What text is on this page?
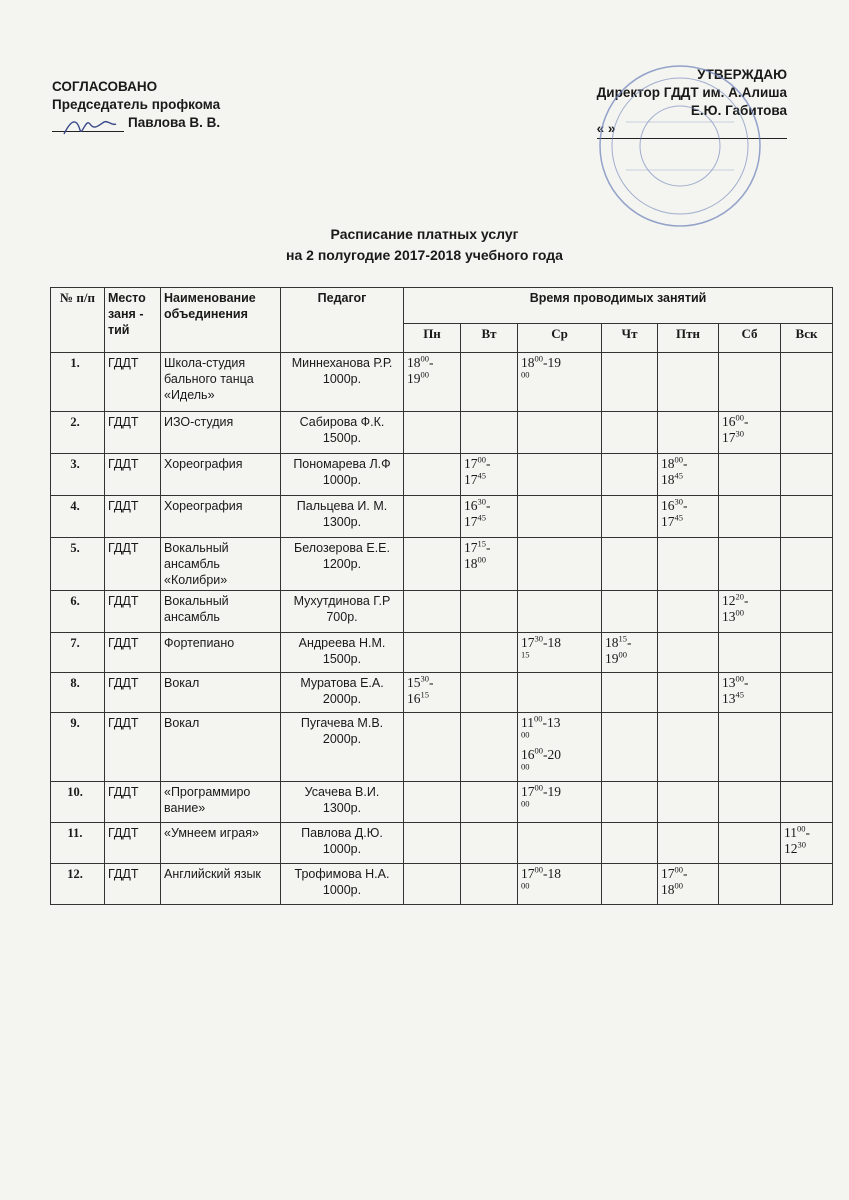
СОГЛАСОВАНО
Председатель профкома
Павлова В. В.
УТВЕРЖДАЮ
Директор ГДДТ им. А.Алиша
Е.Ю. Габитова
« »
Расписание платных услуг
на 2 полугодие 2017-2018 учебного года
№ п/п	Место заня - тий	Наименование объединения	Педагог	Время проводимых занятий						
				Пн	Вт	Ср	Чт	Птн	Сб	Вск
1.	ГДДТ	Школа-студия бального танца «Идель»	Миннеханова Р.Р. 1000р.	$18^{00}-$
$19^{00}$		$18^{00}-19$
$^{00}$

2.	ГДДТ	ИЗО-студия	Сабирова Ф.К. 1500р.						$16^{00}-$
$17^{30}$

3.	ГДДТ	Хореография	Пономарева Л.Ф 1000р.		$17^{00}-$
$17^{45}$			$18^{00}-$
$18^{45}$

4.	ГДДТ	Хореография	Пальцева И. М. 1300р.		$16^{30}-$
$17^{45}$			$16^{30}-$
$17^{45}$

5.	ГДДТ	Вокальный ансамбль «Колибри»	Белозерова Е.Е. 1200р.		$17^{15}-$
$18^{00}$

6.	ГДДТ	Вокальный ансамбль	Мухутдинова Г.Р 700р.						$12^{20}-$
$13^{00}$

7.	ГДДТ	Фортепиано	Андреева Н.М. 1500р.			$17^{30}-18$
$^{15}$	$18^{15}-$
$19^{00}$

8.	ГДДТ	Вокал	Муратова Е.А. 2000р.	$15^{30}-$
$16^{15}$					$13^{00}-$
$13^{45}$

9.	ГДДТ	Вокал	Пугачева М.В. 2000р.			$11^{00}-13$
$^{00}$
$16^{00}-20$
$^{00}$

10.	ГДДТ	«Программиро вание»	Усачева В.И. 1300р.			$17^{00}-19$
$^{00}$

11.	ГДДТ	«Умнеем играя»	Павлова Д.Ю. 1000р.							$11^{00}-$
$12^{30}$

12.	ГДДТ	Английский язык	Трофимова Н.А. 1000р.			$17^{00}-18$
$^{00}$		$17^{00}-$
$18^{00}$
